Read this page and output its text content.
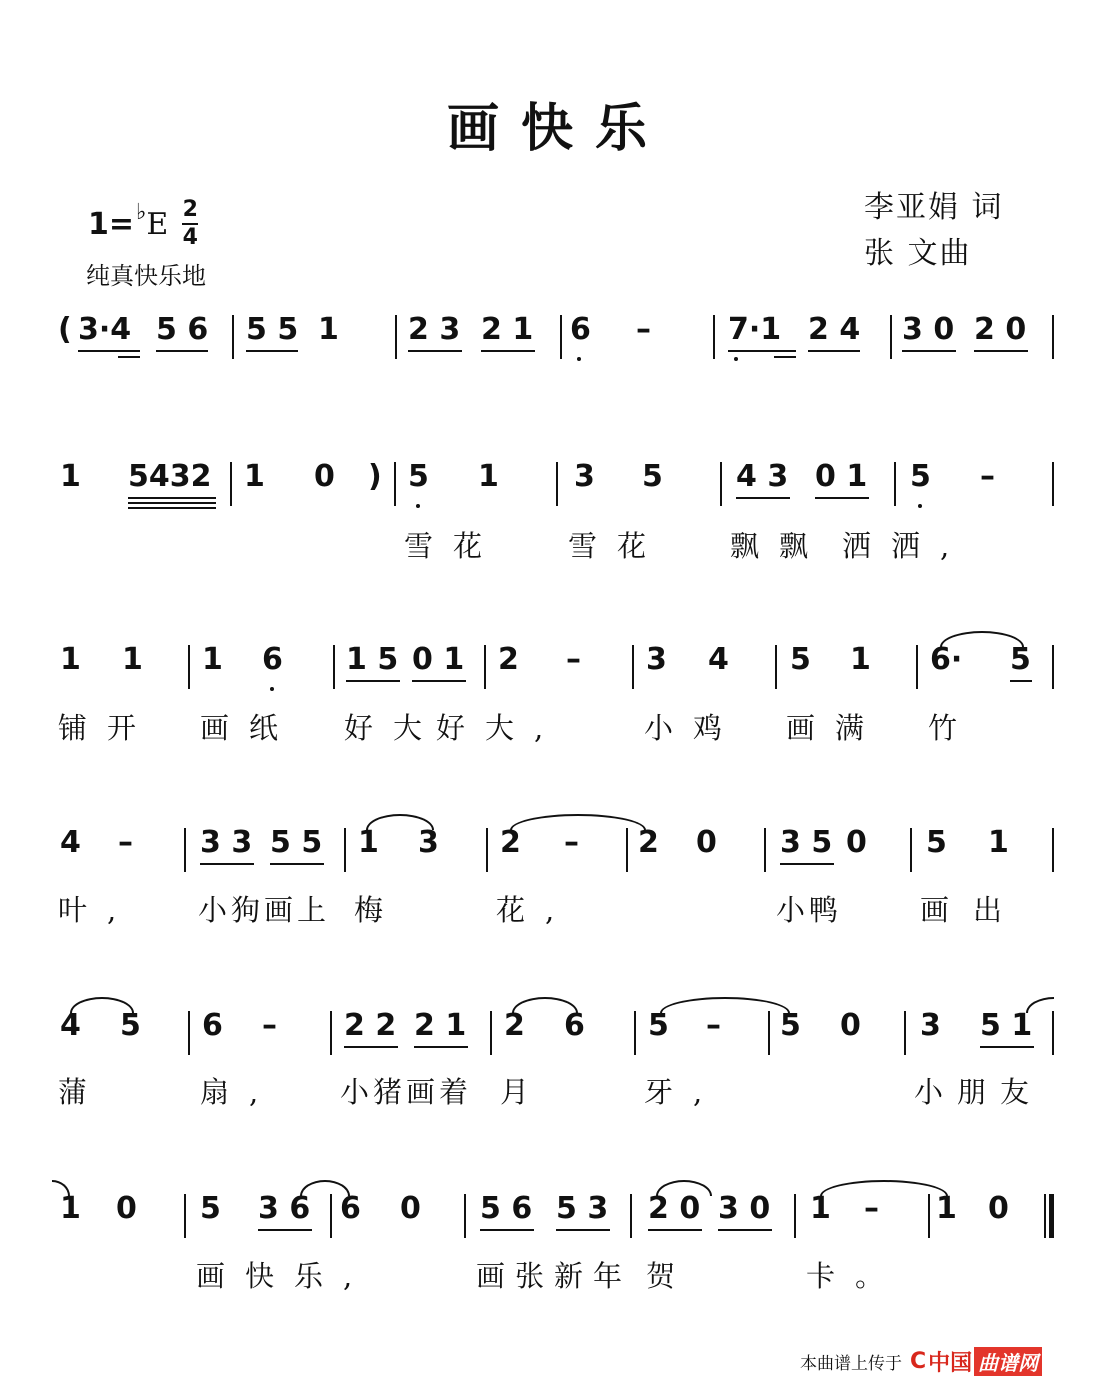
画快乐
1= ♭ E 2
4
纯真快乐地
李亚娟 词
张 文曲
( 3·4 5 6 5 5 1 2 3 2 1 6 –	7·1 2 4 3 0 2 0
1 5432 1 0 ) 5 1	3 5 4 3 0 1 5 –
雪花 雪花 飘飘 洒洒,
1 1 1 6 1 5 0 1 2 – 3 4 5 1 6· 5
铺开 画纸 好大
好大,	小鸡 画满 竹
4 – 3 3 5 5 1 3 2 – 2 0 3 5 0 5 1
叶, 小狗画上 梅	花,	小鸭	画出
4 5 6 – 2 2 2 1 2 6 5 – 5 0 3 5 1
蒲	扇, 小猪画着 月	牙,	小朋友
1 0 5 3 6 6 0 5 6 5 3 2 0 3 0 1 – 1 0
画快乐,	画张新年 贺	卡。
本曲谱上传于 C 中国 曲谱网
